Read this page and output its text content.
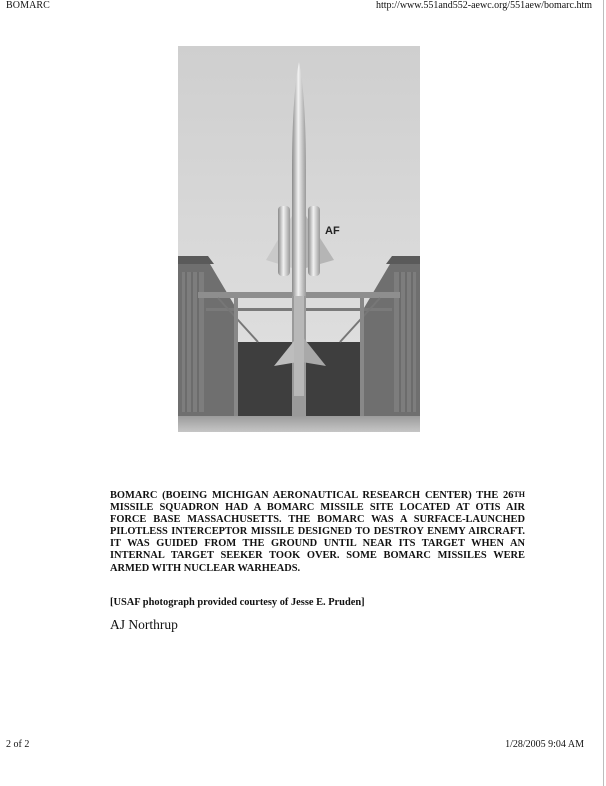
BOMARC	http://www.551and552-aewc.org/551aew/bomarc.htm
AF

BOMARC (BOEING MICHIGAN AERONAUTICAL RESEARCH CENTER) THE 26TH MISSILE SQUADRON HAD A BOMARC MISSILE SITE LOCATED AT OTIS AIR FORCE BASE MASSACHUSETTS. THE BOMARC WAS A SURFACE-LAUNCHED PILOTLESS INTERCEPTOR MISSILE DESIGNED TO DESTROY ENEMY AIRCRAFT. IT WAS GUIDED FROM THE GROUND UNTIL NEAR ITS TARGET WHEN AN INTERNAL TARGET SEEKER TOOK OVER. SOME BOMARC MISSILES WERE ARMED WITH NUCLEAR WARHEADS.

[USAF photograph provided courtesy of Jesse E. Pruden]
AJ Northrup
2 of 2	1/28/2005 9:04 AM
